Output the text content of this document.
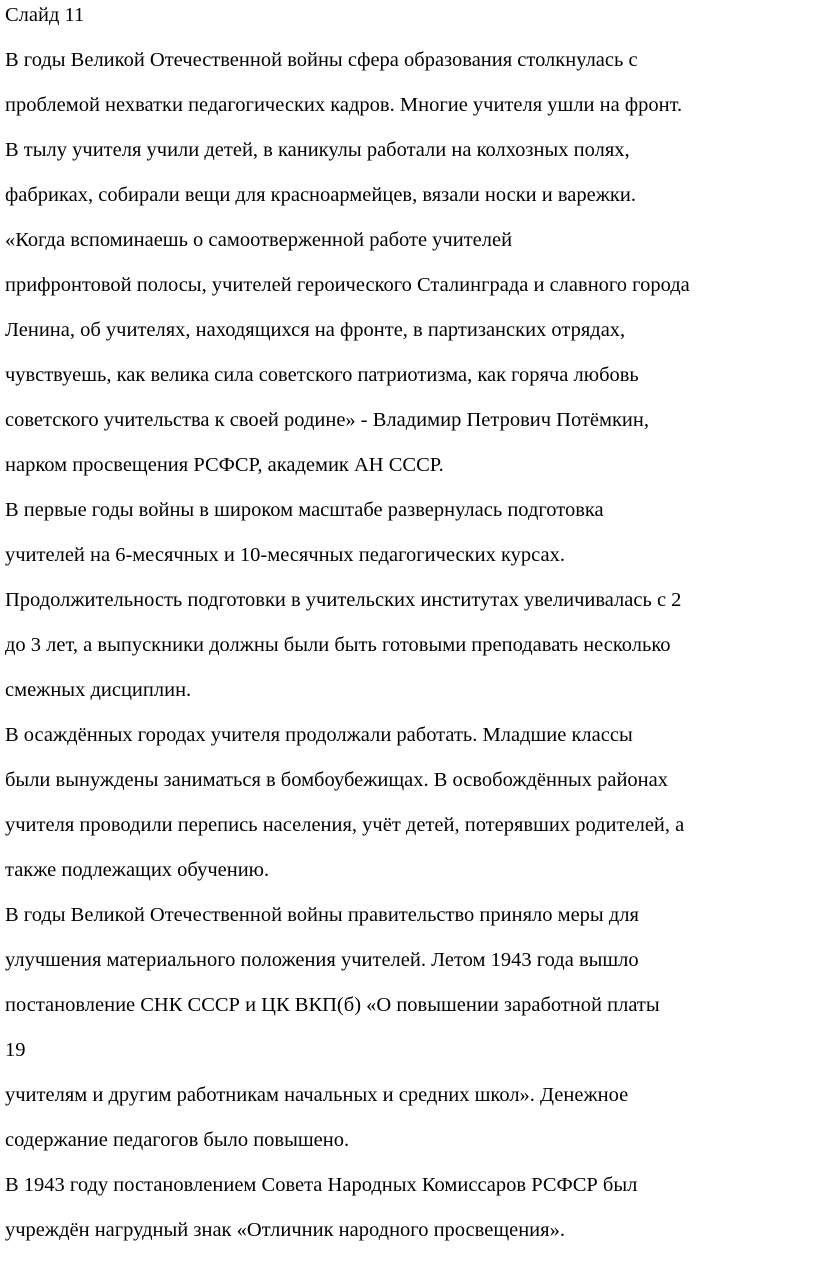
Слайд 11
В годы Великой Отечественной войны сфера образования столкнулась с
проблемой нехватки педагогических кадров. Многие учителя ушли на фронт.
В тылу учителя учили детей, в каникулы работали на колхозных полях,
фабриках, собирали вещи для красноармейцев, вязали носки и варежки.
«Когда вспоминаешь о самоотверженной работе учителей
прифронтовой полосы, учителей героического Сталинграда и славного города
Ленина, об учителях, находящихся на фронте, в партизанских отрядах,
чувствуешь, как велика сила советского патриотизма, как горяча любовь
советского учительства к своей родине» - Владимир Петрович Потёмкин,
нарком просвещения РСФСР, академик АН СССР.
В первые годы войны в широком масштабе развернулась подготовка
учителей на 6-месячных и 10-месячных педагогических курсах.
Продолжительность подготовки в учительских институтах увеличивалась с 2
до 3 лет, а выпускники должны были быть готовыми преподавать несколько
смежных дисциплин.
В осаждённых городах учителя продолжали работать. Младшие классы
были вынуждены заниматься в бомбоубежищах. В освобождённых районах
учителя проводили перепись населения, учёт детей, потерявших родителей, а
также подлежащих обучению.
В годы Великой Отечественной войны правительство приняло меры для
улучшения материального положения учителей. Летом 1943 года вышло
постановление СНК СССР и ЦК ВКП(б) «О повышении заработной платы
19
учителям и другим работникам начальных и средних школ». Денежное
содержание педагогов было повышено.
В 1943 году постановлением Совета Народных Комиссаров РСФСР был
учреждён нагрудный знак «Отличник народного просвещения».
